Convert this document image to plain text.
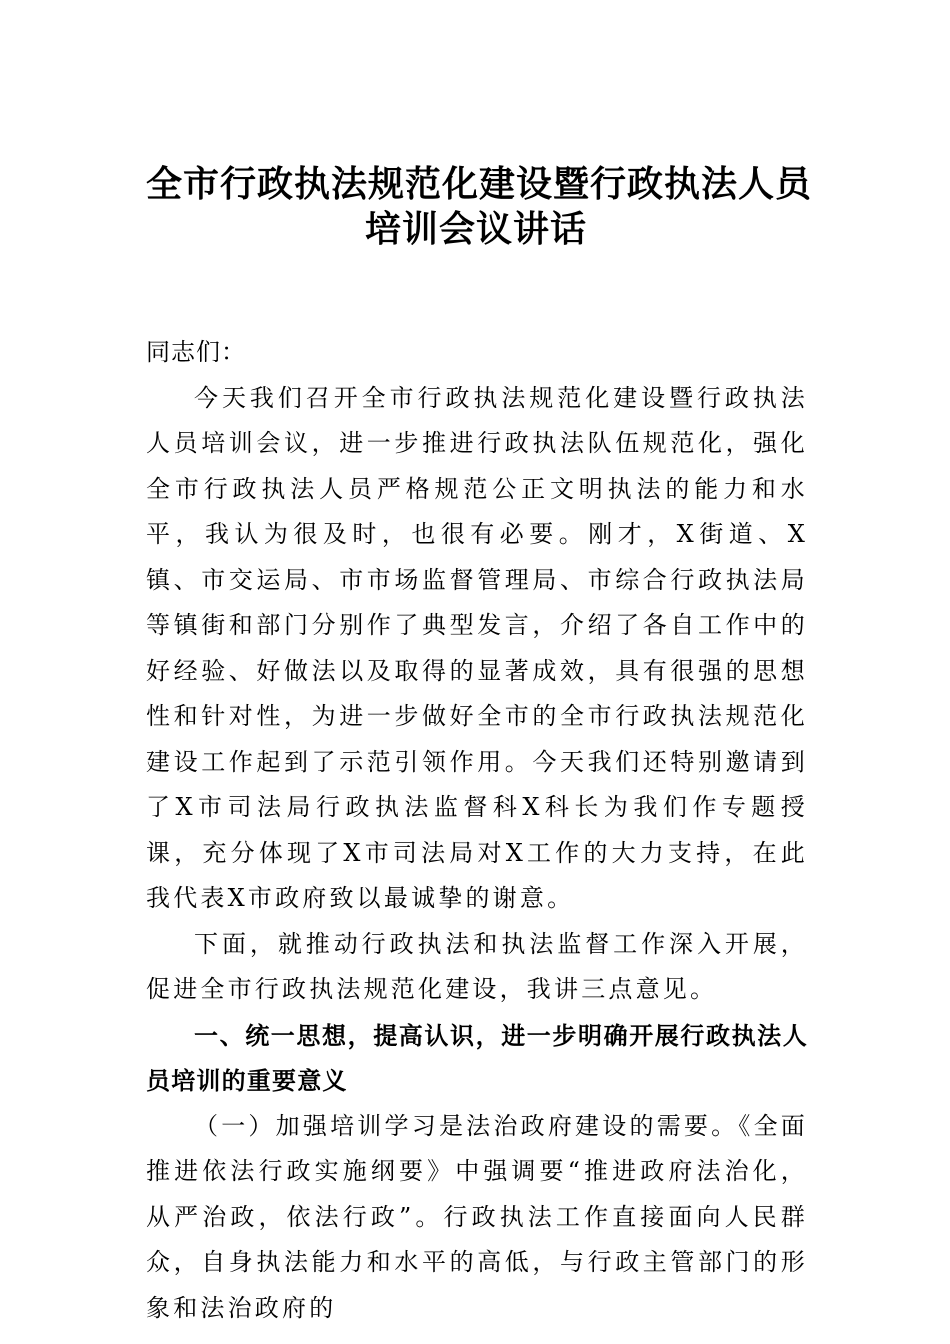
全市行政执法规范化建设暨行政执法人员
培训会议讲话

同志们：

今天我们召开全市行政执法规范化建设暨行政执法人员培训会议，进一步推进行政执法队伍规范化，强化全市行政执法人员严格规范公正文明执法的能力和水平，我认为很及时，也很有必要。刚才，X街道、X镇、市交运局、市市场监督管理局、市综合行政执法局等镇街和部门分别作了典型发言，介绍了各自工作中的好经验、好做法以及取得的显著成效，具有很强的思想性和针对性，为进一步做好全市的全市行政执法规范化建设工作起到了示范引领作用。今天我们还特别邀请到了X市司法局行政执法监督科X科长为我们作专题授课，充分体现了X市司法局对X工作的大力支持，在此我代表X市政府致以最诚挚的谢意。

下面，就推动行政执法和执法监督工作深入开展，促进全市行政执法规范化建设，我讲三点意见。

一、统一思想，提高认识，进一步明确开展行政执法人员培训的重要意义

（一）加强培训学习是法治政府建设的需要。《全面推进依法行政实施纲要》中强调要“推进政府法治化，从严治政，依法行政”。行政执法工作直接面向人民群众，自身执法能力和水平的高低，与行政主管部门的形象和法治政府的
